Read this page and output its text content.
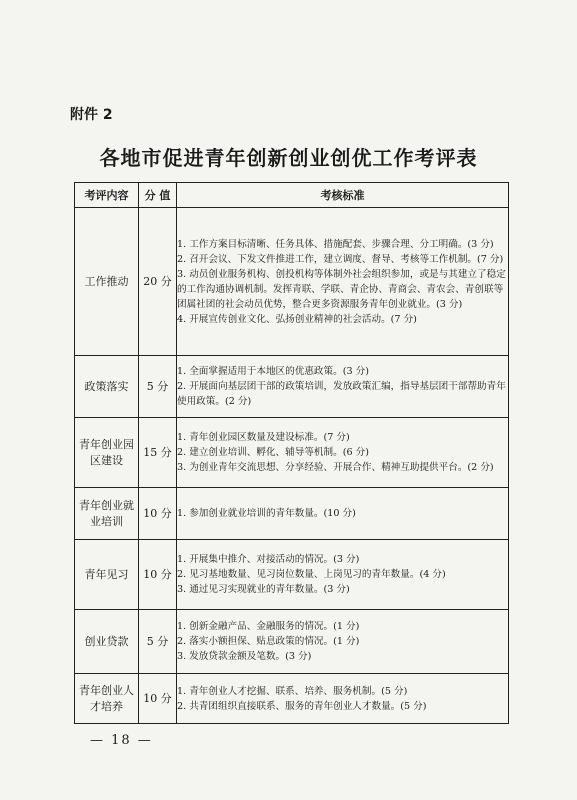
附件 2
各地市促进青年创新创业创优工作考评表
考评内容	分 值	考核标准
工作推动	20 分	1. 工作方案目标清晰、任务具体、措施配套、步骤合理、分工明确。(3 分)
2. 召开会议、下发文件推进工作，建立调度、督导、考核等工作机制。(7 分)
3. 动员创业服务机构、创投机构等体制外社会组织参加，或是与其建立了稳定的工作沟通协调机制。发挥青联、学联、青企协、青商会、青农会、青创联等团属社团的社会动员优势，整合更多资源服务青年创业就业。(3 分)
4. 开展宣传创业文化、弘扬创业精神的社会活动。(7 分)

政策落实	5 分	1. 全面掌握适用于本地区的优惠政策。(3 分)
2. 开展面向基层团干部的政策培训，发放政策汇编，指导基层团干部帮助青年使用政策。(2 分)

青年创业园区建设	15 分	1. 青年创业园区数量及建设标准。(7 分)
2. 建立创业培训、孵化、辅导等机制。(6 分)
3. 为创业青年交流思想、分享经验、开展合作、精神互助提供平台。(2 分)

青年创业就业培训	10 分	1. 参加创业就业培训的青年数量。(10 分)

青年见习	10 分	1. 开展集中推介、对接活动的情况。(3 分)
2. 见习基地数量、见习岗位数量、上岗见习的青年数量。(4 分)
3. 通过见习实现就业的青年数量。(3 分)

创业贷款	5 分	1. 创新金融产品、金融服务的情况。(1 分)
2. 落实小额担保、贴息政策的情况。(1 分)
3. 发放贷款金额及笔数。(3 分)

青年创业人才培养	10 分	1. 青年创业人才挖掘、联系、培养、服务机制。(5 分)
2. 共青团组织直接联系、服务的青年创业人才数量。(5 分)
— 18 —
